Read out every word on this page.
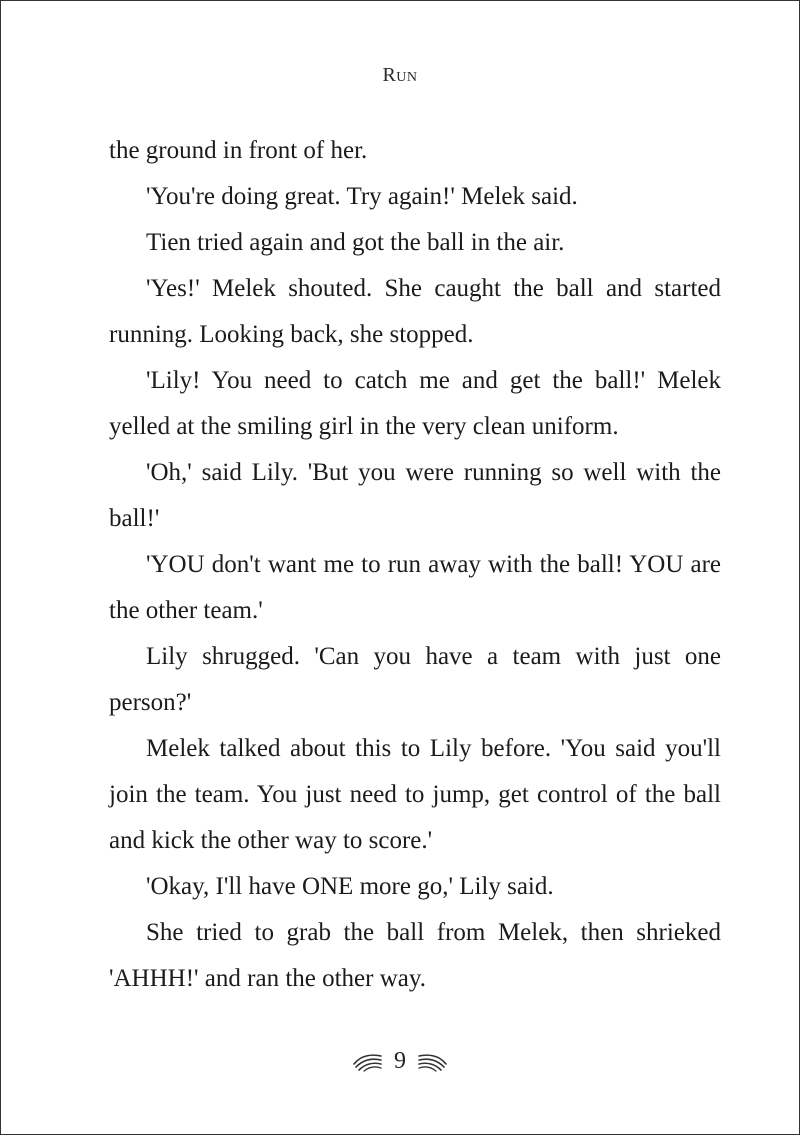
Run

the ground in front of her.

'You're doing great. Try again!' Melek said.

Tien tried again and got the ball in the air.

'Yes!' Melek shouted. She caught the ball and started running. Looking back, she stopped.

'Lily! You need to catch me and get the ball!' Melek yelled at the smiling girl in the very clean uniform.

'Oh,' said Lily. 'But you were running so well with the ball!'

'YOU don't want me to run away with the ball! YOU are the other team.'

Lily shrugged. 'Can you have a team with just one person?'

Melek talked about this to Lily before. 'You said you'll join the team. You just need to jump, get control of the ball and kick the other way to score.'

'Okay, I'll have ONE more go,' Lily said.

She tried to grab the ball from Melek, then shrieked 'AHHH!' and ran the other way.

9
